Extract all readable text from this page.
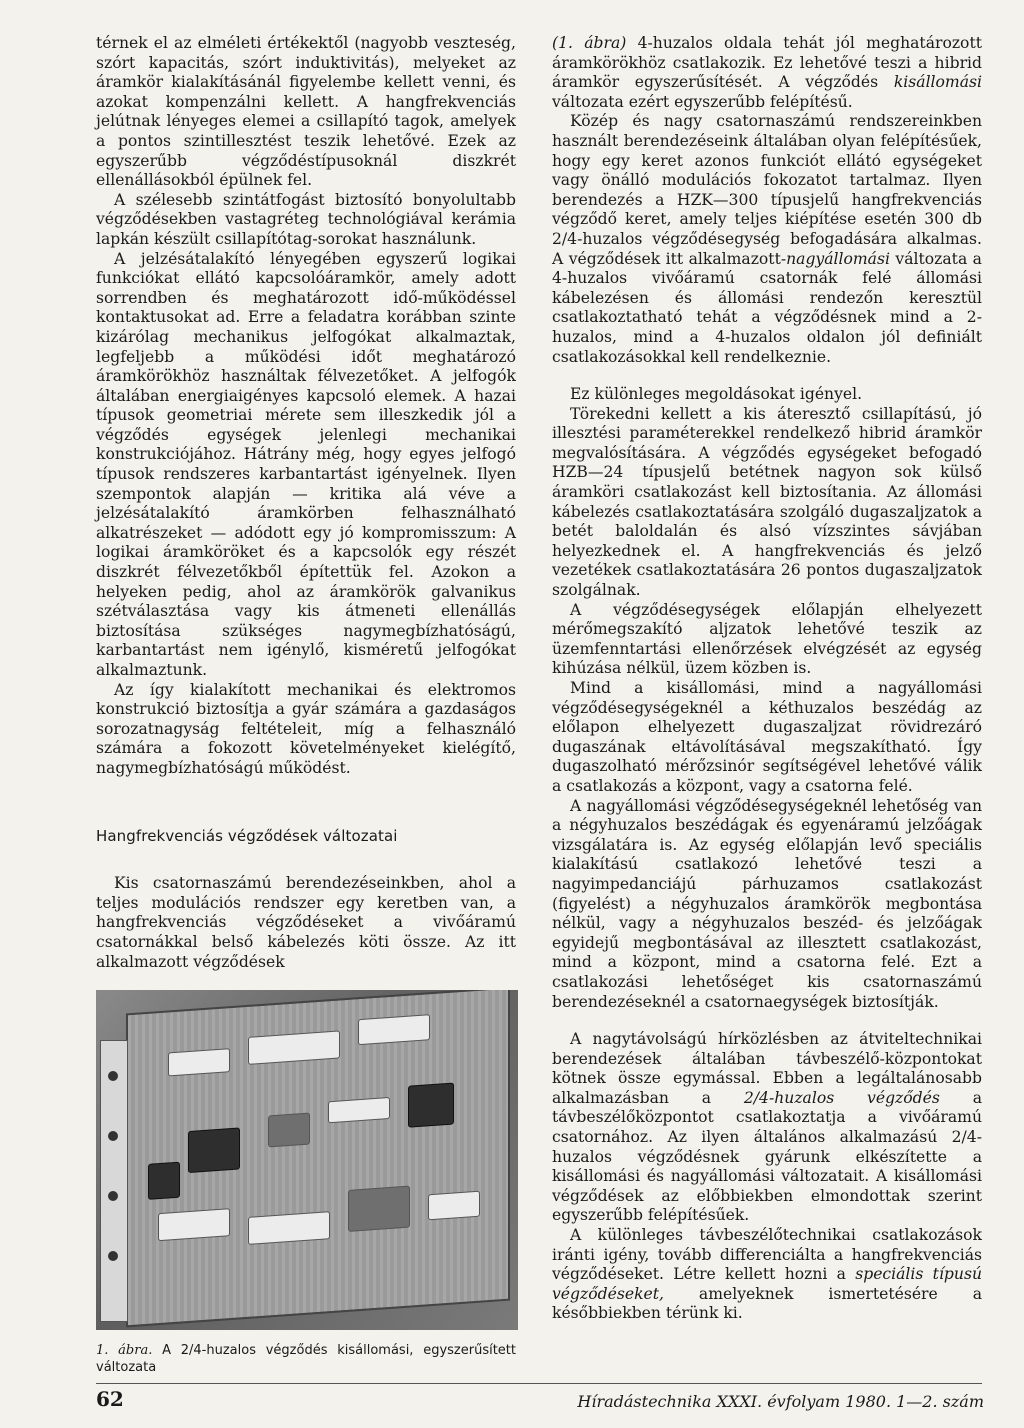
térnek el az elméleti értékektől (nagyobb veszteség, szórt kapacitás, szórt induktivitás), melyeket az áramkör kialakításánál figyelembe kellett venni, és azokat kompenzálni kellett. A hangfrekvenciás jelútnak lényeges elemei a csillapító tagok, amelyek a pontos szintillesztést teszik lehetővé. Ezek az egyszerűbb végződéstípusoknál diszkrét ellenállásokból épülnek fel.

A szélesebb szintátfogást biztosító bonyolultabb végződésekben vastagréteg technológiával kerámia lapkán készült csillapítótag-sorokat használunk.

A jelzésátalakító lényegében egyszerű logikai funkciókat ellátó kapcsolóáramkör, amely adott sorrendben és meghatározott idő-működéssel kontaktusokat ad. Erre a feladatra korábban szinte kizárólag mechanikus jelfogókat alkalmaztak, legfeljebb a működési időt meghatározó áramkörökhöz használtak félvezetőket. A jelfogók általában energiaigényes kapcsoló elemek. A hazai típusok geometriai mérete sem illeszkedik jól a végződés egységek jelenlegi mechanikai konstrukciójához. Hátrány még, hogy egyes jelfogó típusok rendszeres karbantartást igényelnek. Ilyen szempontok alapján — kritika alá véve a jelzésátalakító áramkörben felhasználható alkatrészeket — adódott egy jó kompromisszum: A logikai áramköröket és a kapcsolók egy részét diszkrét félvezetőkből építettük fel. Azokon a helyeken pedig, ahol az áramkörök galvanikus szétválasztása vagy kis átmeneti ellenállás biztosítása szükséges nagymegbízhatóságú, karbantartást nem igénylő, kisméretű jelfogókat alkalmaztunk.

Az így kialakított mechanikai és elektromos konstrukció biztosítja a gyár számára a gazdaságos sorozatnagyság feltételeit, míg a felhasználó számára a fokozott követelményeket kielégítő, nagymegbízhatóságú működést.

Hangfrekvenciás végződések változatai

Kis csatornaszámú berendezéseinkben, ahol a teljes modulációs rendszer egy keretben van, a hangfrekvenciás végződéseket a vivőáramú csatornákkal belső kábelezés köti össze. Az itt alkalmazott végződések

1. ábra. A 2/4-huzalos végződés kisállomási, egyszerűsített változata

(1. ábra) 4-huzalos oldala tehát jól meghatározott áramkörökhöz csatlakozik. Ez lehetővé teszi a hibrid áramkör egyszerűsítését. A végződés kisállomási változata ezért egyszerűbb felépítésű.

Közép és nagy csatornaszámú rendszereinkben használt berendezéseink általában olyan felépítésűek, hogy egy keret azonos funkciót ellátó egységeket vagy önálló modulációs fokozatot tartalmaz. Ilyen berendezés a HZK—300 típusjelű hangfrekvenciás végződő keret, amely teljes kiépítése esetén 300 db 2/4-huzalos végződésegység befogadására alkalmas. A végződések itt alkalmazott-nagyállomási változata a 4-huzalos vivőáramú csatornák felé állomási kábelezésen és állomási rendezőn keresztül csatlakoztatható tehát a végződésnek mind a 2-huzalos, mind a 4-huzalos oldalon jól definiált csatlakozásokkal kell rendelkeznie.

Ez különleges megoldásokat igényel.

Törekedni kellett a kis áteresztő csillapítású, jó illesztési paraméterekkel rendelkező hibrid áramkör megvalósítására. A végződés egységeket befogadó HZB—24 típusjelű betétnek nagyon sok külső áramköri csatlakozást kell biztosítania. Az állomási kábelezés csatlakoztatására szolgáló dugaszaljzatok a betét baloldalán és alsó vízszintes sávjában helyezkednek el. A hangfrekvenciás és jelző vezetékek csatlakoztatására 26 pontos dugaszaljzatok szolgálnak.

A végződésegységek előlapján elhelyezett mérőmegszakító aljzatok lehetővé teszik az üzemfenntartási ellenőrzések elvégzését az egység kihúzása nélkül, üzem közben is.

Mind a kisállomási, mind a nagyállomási végződésegységeknél a kéthuzalos beszédág az előlapon elhelyezett dugaszaljzat rövidrezáró dugaszának eltávolításával megszakítható. Így dugaszolható mérőzsinór segítségével lehetővé válik a csatlakozás a központ, vagy a csatorna felé.

A nagyállomási végződésegységeknél lehetőség van a négyhuzalos beszédágak és egyenáramú jelzőágak vizsgálatára is. Az egység előlapján levő speciális kialakítású csatlakozó lehetővé teszi a nagyimpedanciájú párhuzamos csatlakozást (figyelést) a négyhuzalos áramkörök megbontása nélkül, vagy a négyhuzalos beszéd- és jelzőágak egyidejű megbontásával az illesztett csatlakozást, mind a központ, mind a csatorna felé. Ezt a csatlakozási lehetőséget kis csatornaszámú berendezéseknél a csatornaegységek biztosítják.

A nagytávolságú hírközlésben az átviteltechnikai berendezések általában távbeszélő-központokat kötnek össze egymással. Ebben a legáltalánosabb alkalmazásban a 2/4-huzalos végződés a távbeszélőközpontot csatlakoztatja a vivőáramú csatornához. Az ilyen általános alkalmazású 2/4-huzalos végződésnek gyárunk elkészítette a kisállomási és nagyállomási változatait. A kisállomási végződések az előbbiekben elmondottak szerint egyszerűbb felépítésűek.

A különleges távbeszélőtechnikai csatlakozások iránti igény, tovább differenciálta a hangfrekvenciás végződéseket. Létre kellett hozni a speciális típusú végződéseket, amelyeknek ismertetésére a későbbiekben térünk ki.

62	Híradástechnika XXXI. évfolyam 1980. 1—2. szám
